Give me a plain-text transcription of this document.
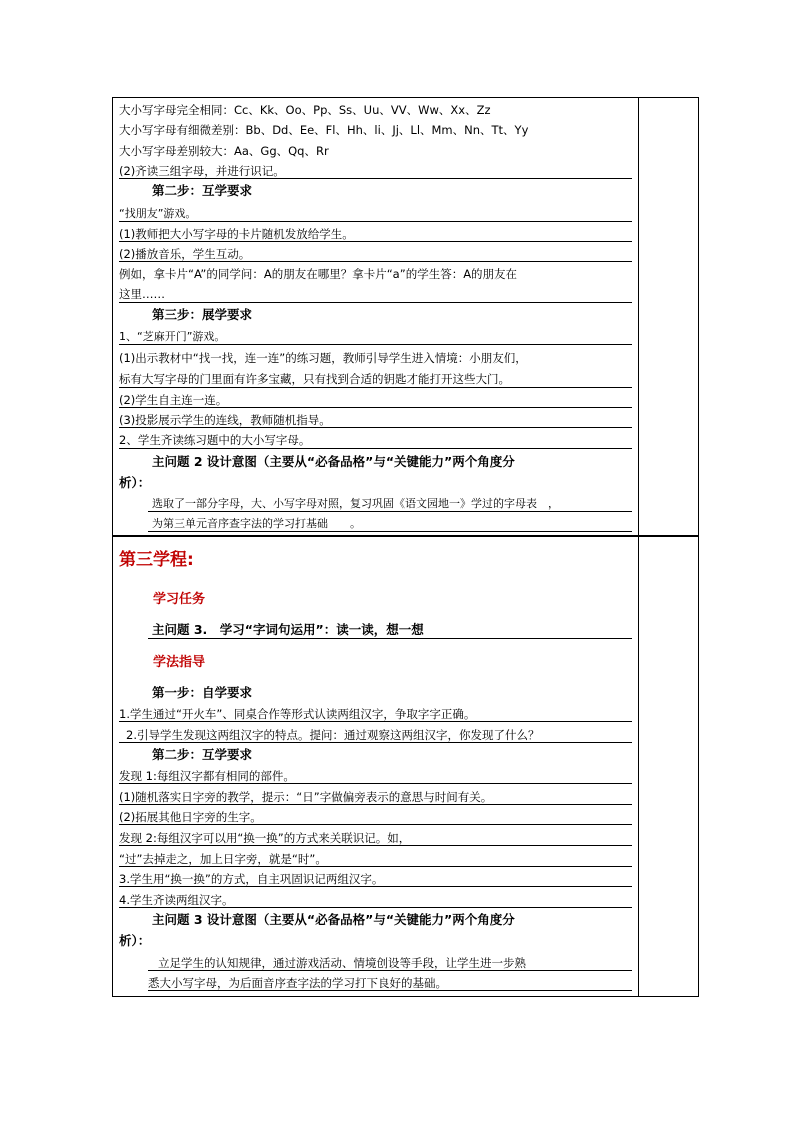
大小写字母完全相同：Cc、Kk、Oo、Pp、Ss、Uu、VV、Ww、Xx、Zz
大小写字母有细微差别：Bb、Dd、Ee、Fl、Hh、li、Jj、Ll、Mm、Nn、Tt、Yy
大小写字母差别较大：Aa、Gg、Qq、Rr
(2)齐读三组字母，并进行识记。
第二步：互学要求
“找朋友”游戏。
(1)教师把大小写字母的卡片随机发放给学生。
(2)播放音乐，学生互动。
例如，拿卡片“A”的同学问：A的朋友在哪里？拿卡片“a”的学生答：A的朋友在
这里……
第三步：展学要求
1、“芝麻开门”游戏。
(1)出示教材中“找一找，连一连”的练习题，教师引导学生进入情境：小朋友们，
标有大写字母的门里面有许多宝藏，只有找到合适的钥匙才能打开这些大门。
(2)学生自主连一连。
(3)投影展示学生的连线，教师随机指导。
2、学生齐读练习题中的大小写字母。
主问题 2 设计意图（主要从“必备品格”与“关键能力”两个角度分
析）：
选取了一部分字母，大、小写字母对照，复习巩固《语文园地一》学过的字母表　，
为第三单元音序查字法的学习打基础　　。
第三学程:
学习任务
主问题 3.　学习“字词句运用”：读一读，想一想
学法指导
第一步：自学要求
1.学生通过“开火车”、同桌合作等形式认读两组汉字，争取字字正确。
2.引导学生发现这两组汉字的特点。提问：通过观察这两组汉字，你发现了什么？
第二步：互学要求
发现 1:每组汉字都有相同的部件。
(1)随机落实日字旁的教学，提示：“日”字做偏旁表示的意思与时间有关。
(2)拓展其他日字旁的生字。
发现 2:每组汉字可以用“换一换”的方式来关联识记。如，
“过”去掉走之，加上日字旁，就是“时”。
3.学生用“换一换”的方式，自主巩固识记两组汉字。
4.学生齐读两组汉字。
主问题 3 设计意图（主要从“必备品格”与“关键能力”两个角度分
析）：
立足学生的认知规律，通过游戏活动、情境创设等手段，让学生进一步熟
悉大小写字母，为后面音序查字法的学习打下良好的基础。
